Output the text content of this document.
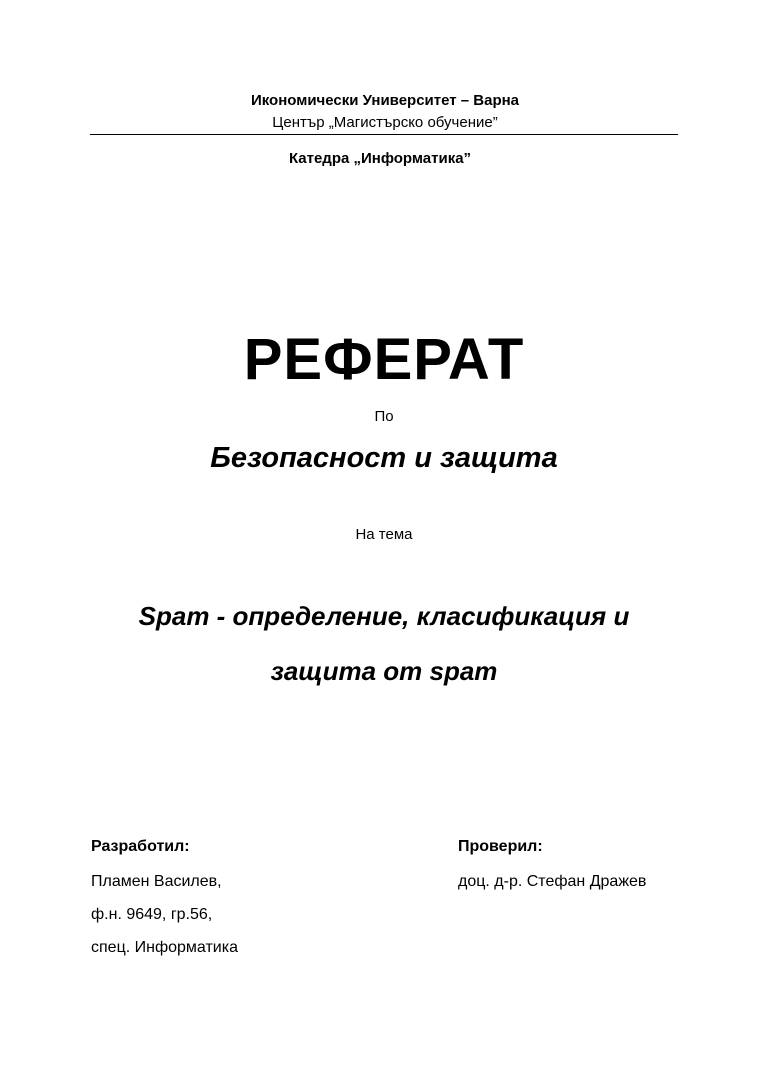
Икономически Университет – Варна
Център „Магистърско обучение”
Катедра „Информатика”
РЕФЕРАТ
По
Безопасност и защита
На тема
Spam - определение, класификация и
защита от spam
Разработил:
Пламен Василев,
ф.н. 9649, гр.56,
спец. Информатика
Проверил:
доц. д-р. Стефан Дражев
